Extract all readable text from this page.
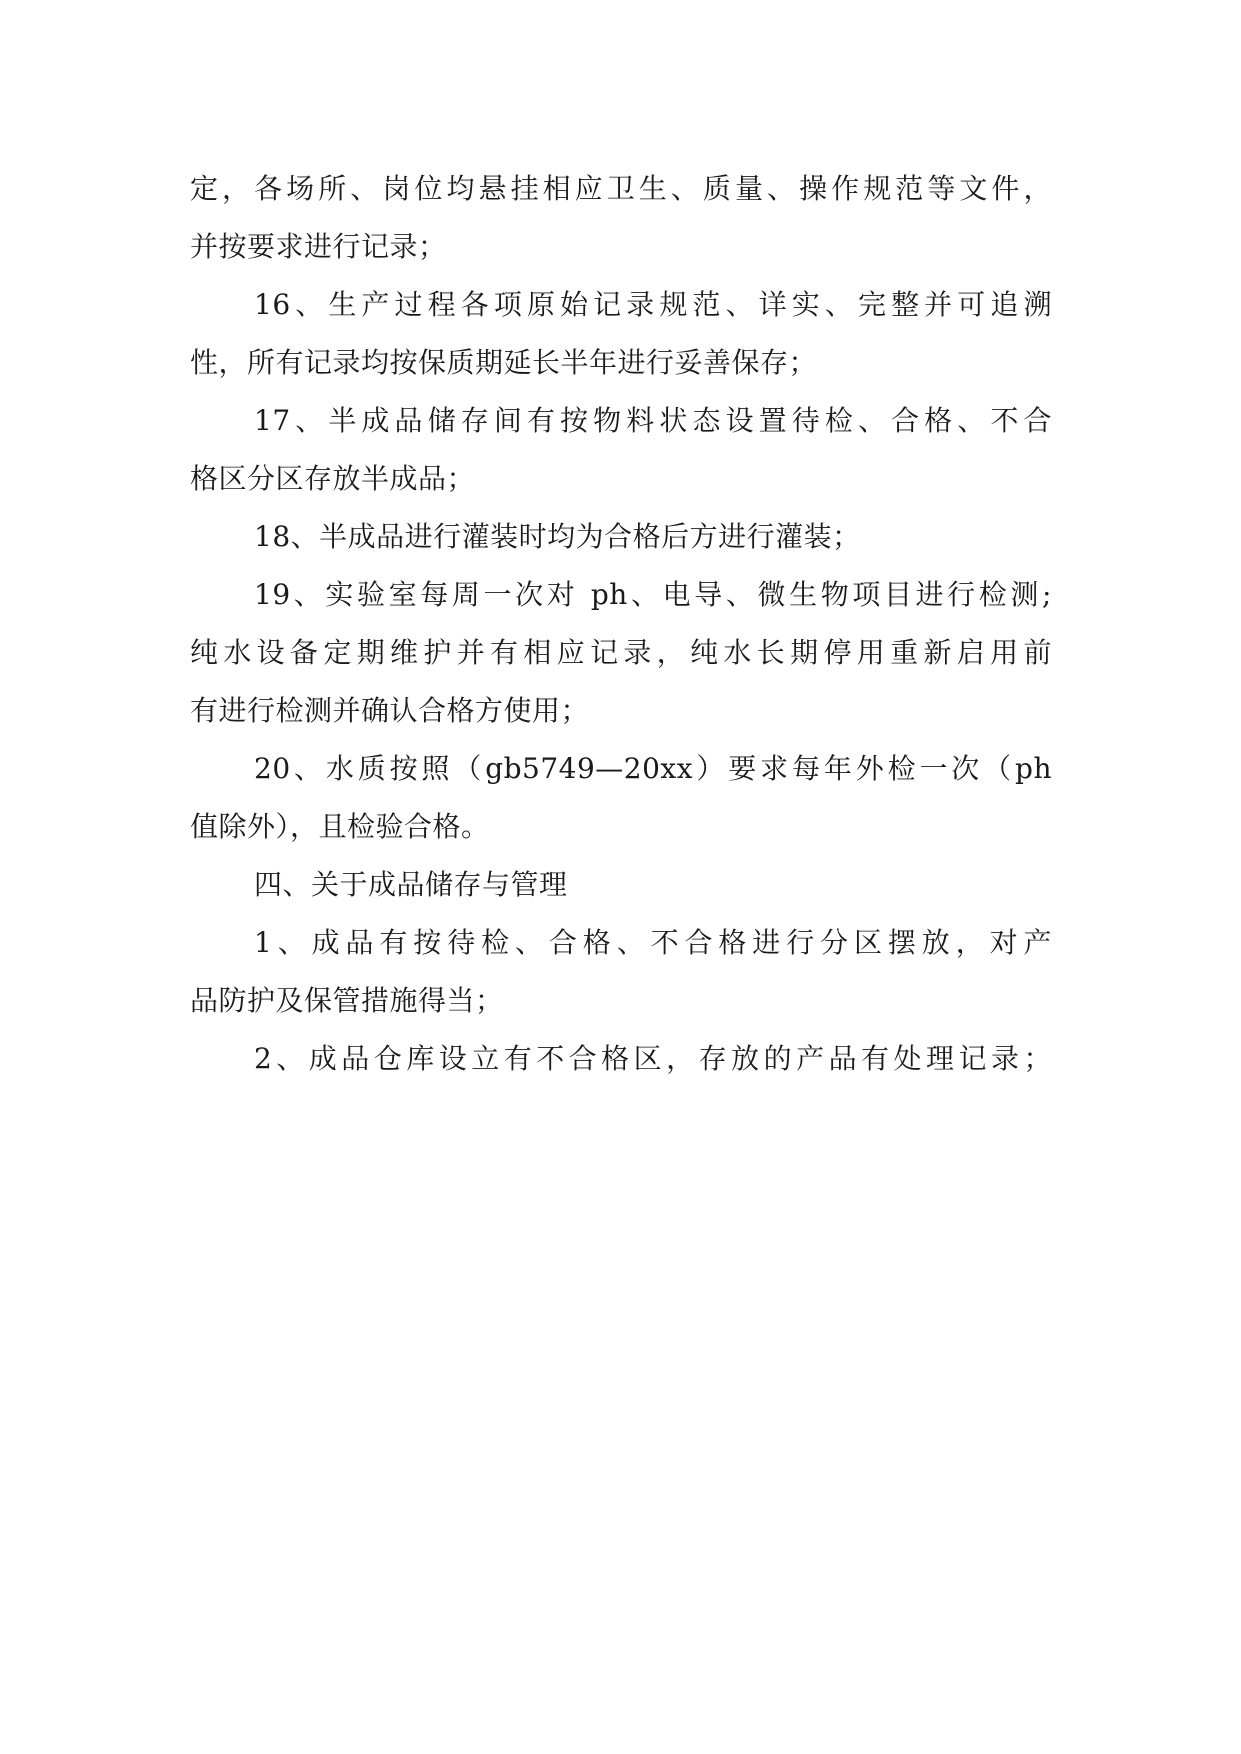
定，各场所、岗位均悬挂相应卫生、质量、操作规范等文件，
并按要求进行记录；
16、生产过程各项原始记录规范、详实、完整并可追溯
性，所有记录均按保质期延长半年进行妥善保存；
17、半成品储存间有按物料状态设置待检、合格、不合
格区分区存放半成品；
18、半成品进行灌装时均为合格后方进行灌装；
19、实验室每周一次对 ph、电导、微生物项目进行检测;
纯水设备定期维护并有相应记录，纯水长期停用重新启用前
有进行检测并确认合格方使用；
20、水质按照（gb5749—20xx）要求每年外检一次（ph
值除外），且检验合格。
四、关于成品储存与管理
1、成品有按待检、合格、不合格进行分区摆放，对产
品防护及保管措施得当；
2、成品仓库设立有不合格区，存放的产品有处理记录；
